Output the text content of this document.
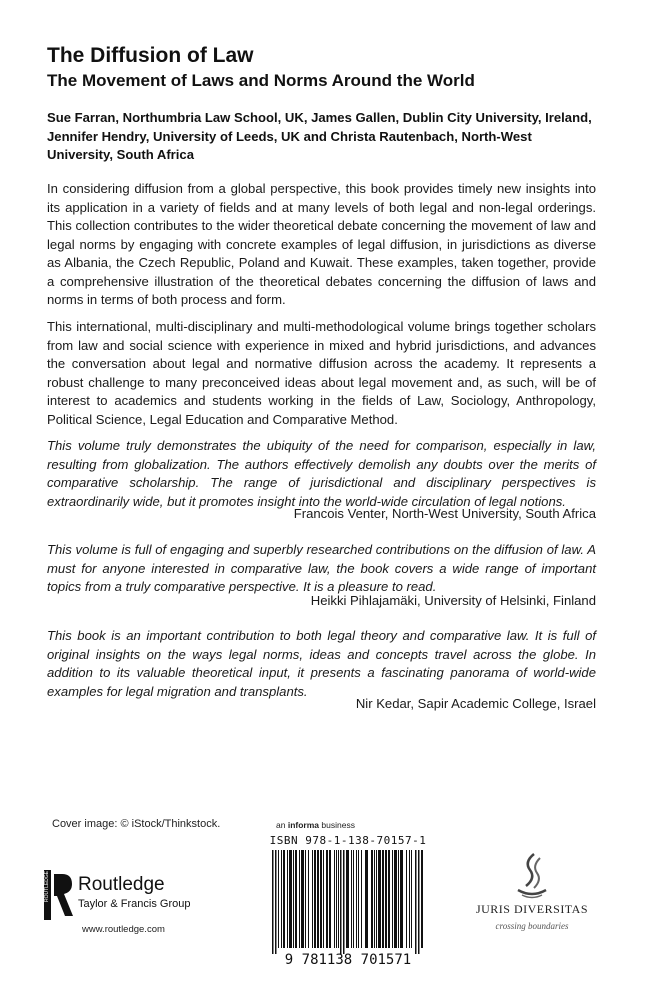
The Diffusion of Law
The Movement of Laws and Norms Around the World
Sue Farran, Northumbria Law School, UK, James Gallen, Dublin City University, Ireland, Jennifer Hendry, University of Leeds, UK and Christa Rautenbach, North-West University, South Africa
In considering diffusion from a global perspective, this book provides timely new insights into its application in a variety of fields and at many levels of both legal and non-legal orderings. This collection contributes to the wider theoretical debate concerning the movement of law and legal norms by engaging with concrete examples of legal diffusion, in jurisdictions as diverse as Albania, the Czech Republic, Poland and Kuwait. These examples, taken together, provide a comprehensive illustration of the theoretical debates concerning the diffusion of laws and norms in terms of both process and form.
This international, multi-disciplinary and multi-methodological volume brings together scholars from law and social science with experience in mixed and hybrid jurisdictions, and advances the conversation about legal and normative diffusion across the academy. It represents a robust challenge to many preconceived ideas about legal movement and, as such, will be of interest to academics and students working in the fields of Law, Sociology, Anthropology, Political Science, Legal Education and Comparative Method.
This volume truly demonstrates the ubiquity of the need for comparison, especially in law, resulting from globalization. The authors effectively demolish any doubts over the merits of comparative scholarship. The range of jurisdictional and disciplinary perspectives is extraordinarily wide, but it promotes insight into the world-wide circulation of legal notions.
Francois Venter, North-West University, South Africa
This volume is full of engaging and superbly researched contributions on the diffusion of law. A must for anyone interested in comparative law, the book covers a wide range of important topics from a truly comparative perspective. It is a pleasure to read.
Heikki Pihlajamäki, University of Helsinki, Finland
This book is an important contribution to both legal theory and comparative law. It is full of original insights on the ways legal norms, ideas and concepts travel across the globe. In addition to its valuable theoretical input, it presents a fascinating panorama of world-wide examples for legal migration and transplants.
Nir Kedar, Sapir Academic College, Israel
Cover image: © iStock/Thinkstock.
ROUTLEDGE Routledge
Taylor & Francis Group
www.routledge.com
an informa business
ISBN 978-1-138-70157-1
9 781138 701571
JURIS DIVERSITAS
crossing boundaries
